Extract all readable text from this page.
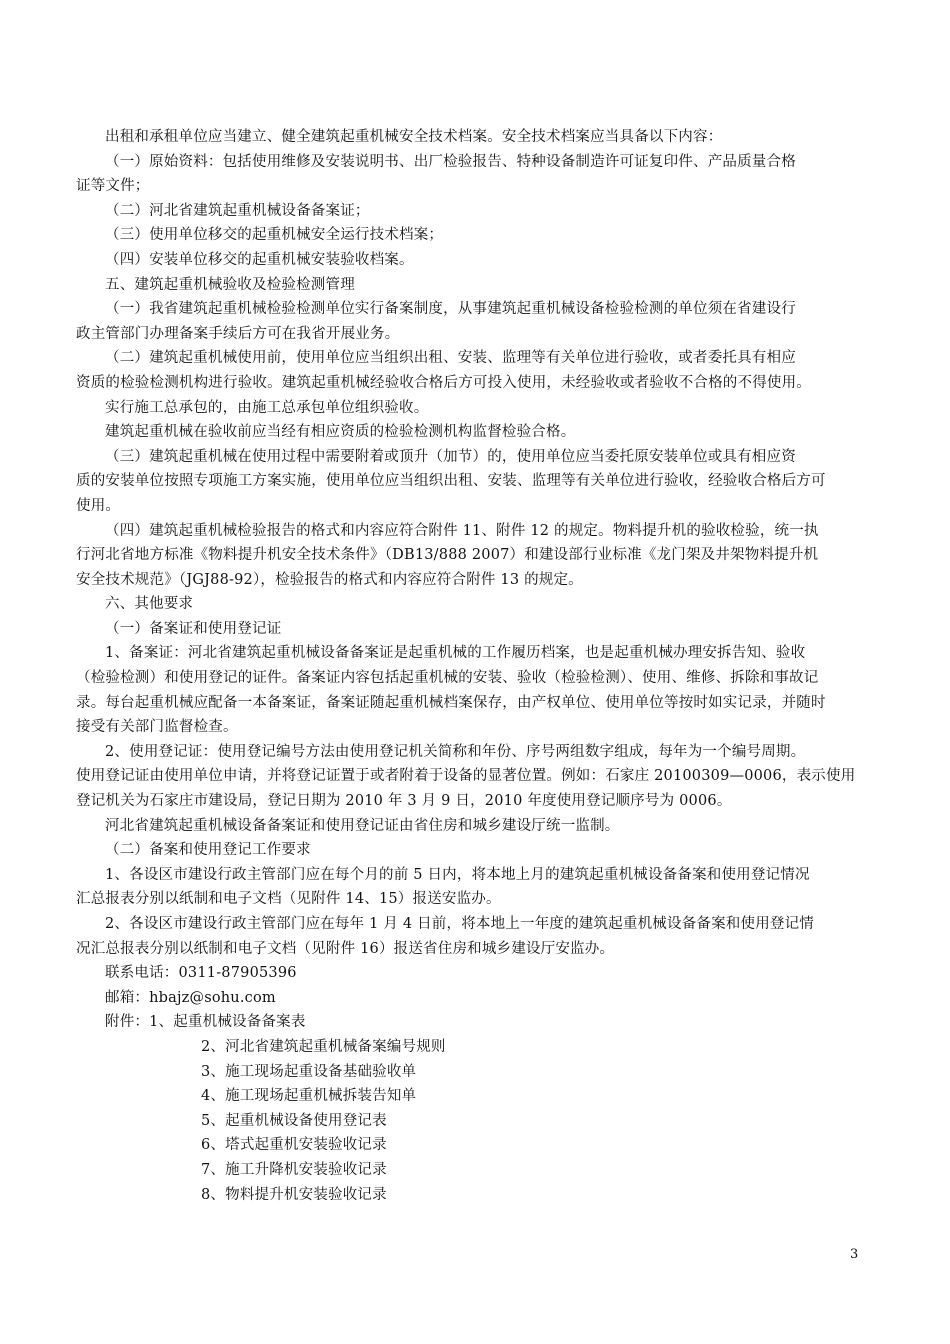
出租和承租单位应当建立、健全建筑起重机械安全技术档案。安全技术档案应当具备以下内容：
（一）原始资料：包括使用维修及安装说明书、出厂检验报告、特种设备制造许可证复印件、产品质量合格
证等文件；
（二）河北省建筑起重机械设备备案证；
（三）使用单位移交的起重机械安全运行技术档案；
（四）安装单位移交的起重机械安装验收档案。
五、建筑起重机械验收及检验检测管理
（一）我省建筑起重机械检验检测单位实行备案制度，从事建筑起重机械设备检验检测的单位须在省建设行
政主管部门办理备案手续后方可在我省开展业务。
（二）建筑起重机械使用前，使用单位应当组织出租、安装、监理等有关单位进行验收，或者委托具有相应
资质的检验检测机构进行验收。建筑起重机械经验收合格后方可投入使用，未经验收或者验收不合格的不得使用。
实行施工总承包的，由施工总承包单位组织验收。
建筑起重机械在验收前应当经有相应资质的检验检测机构监督检验合格。
（三）建筑起重机械在使用过程中需要附着或顶升（加节）的，使用单位应当委托原安装单位或具有相应资
质的安装单位按照专项施工方案实施，使用单位应当组织出租、安装、监理等有关单位进行验收，经验收合格后方可
使用。
（四）建筑起重机械检验报告的格式和内容应符合附件 11、附件 12 的规定。物料提升机的验收检验，统一执
行河北省地方标准《物料提升机安全技术条件》（DB13/888 2007）和建设部行业标准《龙门架及井架物料提升机
安全技术规范》（JGJ88-92），检验报告的格式和内容应符合附件 13 的规定。
六、其他要求
（一）备案证和使用登记证
1、备案证：河北省建筑起重机械设备备案证是起重机械的工作履历档案，也是起重机械办理安拆告知、验收
（检验检测）和使用登记的证件。备案证内容包括起重机械的安装、验收（检验检测）、使用、维修、拆除和事故记
录。每台起重机械应配备一本备案证，备案证随起重机械档案保存，由产权单位、使用单位等按时如实记录，并随时
接受有关部门监督检查。
2、使用登记证：使用登记编号方法由使用登记机关简称和年份、序号两组数字组成，每年为一个编号周期。
使用登记证由使用单位申请，并将登记证置于或者附着于设备的显著位置。例如：石家庄 20100309—0006，表示使用
登记机关为石家庄市建设局，登记日期为 2010 年 3 月 9 日，2010 年度使用登记顺序号为 0006。
河北省建筑起重机械设备备案证和使用登记证由省住房和城乡建设厅统一监制。
（二）备案和使用登记工作要求
1、各设区市建设行政主管部门应在每个月的前 5 日内，将本地上月的建筑起重机械设备备案和使用登记情况
汇总报表分别以纸制和电子文档（见附件 14、15）报送安监办。
2、各设区市建设行政主管部门应在每年 1 月 4 日前，将本地上一年度的建筑起重机械设备备案和使用登记情
况汇总报表分别以纸制和电子文档（见附件 16）报送省住房和城乡建设厅安监办。
联系电话：0311-87905396
邮箱：hbajz@sohu.com
附件：1、起重机械设备备案表
2、河北省建筑起重机械备案编号规则
3、施工现场起重设备基础验收单
4、施工现场起重机械拆装告知单
5、起重机械设备使用登记表
6、塔式起重机安装验收记录
7、施工升降机安装验收记录
8、物料提升机安装验收记录
3
